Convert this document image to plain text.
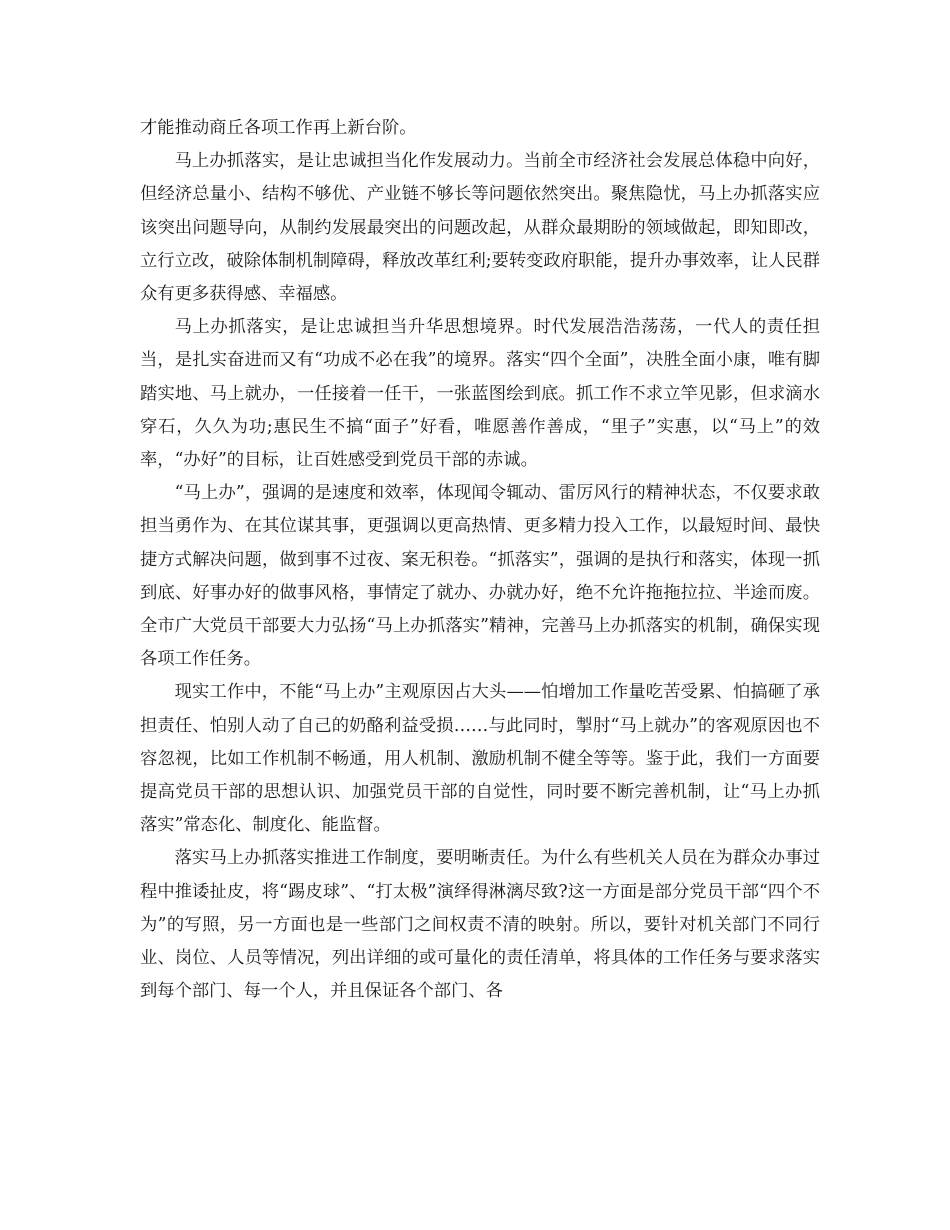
才能推动商丘各项工作再上新台阶。

马上办抓落实，是让忠诚担当化作发展动力。当前全市经济社会发展总体稳中向好，但经济总量小、结构不够优、产业链不够长等问题依然突出。聚焦隐忧，马上办抓落实应该突出问题导向，从制约发展最突出的问题改起，从群众最期盼的领域做起，即知即改，立行立改，破除体制机制障碍，释放改革红利;要转变政府职能，提升办事效率，让人民群众有更多获得感、幸福感。

马上办抓落实，是让忠诚担当升华思想境界。时代发展浩浩荡荡，一代人的责任担当，是扎实奋进而又有“功成不必在我”的境界。落实“四个全面”，决胜全面小康，唯有脚踏实地、马上就办，一任接着一任干，一张蓝图绘到底。抓工作不求立竿见影，但求滴水穿石，久久为功;惠民生不搞“面子”好看，唯愿善作善成，“里子”实惠，以“马上”的效率，“办好”的目标，让百姓感受到党员干部的赤诚。

“马上办”，强调的是速度和效率，体现闻令辄动、雷厉风行的精神状态，不仅要求敢担当勇作为、在其位谋其事，更强调以更高热情、更多精力投入工作，以最短时间、最快捷方式解决问题，做到事不过夜、案无积卷。“抓落实”，强调的是执行和落实，体现一抓到底、好事办好的做事风格，事情定了就办、办就办好，绝不允许拖拖拉拉、半途而废。全市广大党员干部要大力弘扬“马上办抓落实”精神，完善马上办抓落实的机制，确保实现各项工作任务。

现实工作中，不能“马上办”主观原因占大头——怕增加工作量吃苦受累、怕搞砸了承担责任、怕别人动了自己的奶酪利益受损……与此同时，掣肘“马上就办”的客观原因也不容忽视，比如工作机制不畅通，用人机制、激励机制不健全等等。鉴于此，我们一方面要提高党员干部的思想认识、加强党员干部的自觉性，同时要不断完善机制，让“马上办抓落实”常态化、制度化、能监督。

落实马上办抓落实推进工作制度，要明晰责任。为什么有些机关人员在为群众办事过程中推诿扯皮，将“踢皮球”、“打太极”演绎得淋漓尽致?这一方面是部分党员干部“四个不为”的写照，另一方面也是一些部门之间权责不清的映射。所以，要针对机关部门不同行业、岗位、人员等情况，列出详细的或可量化的责任清单，将具体的工作任务与要求落实到每个部门、每一个人，并且保证各个部门、各
